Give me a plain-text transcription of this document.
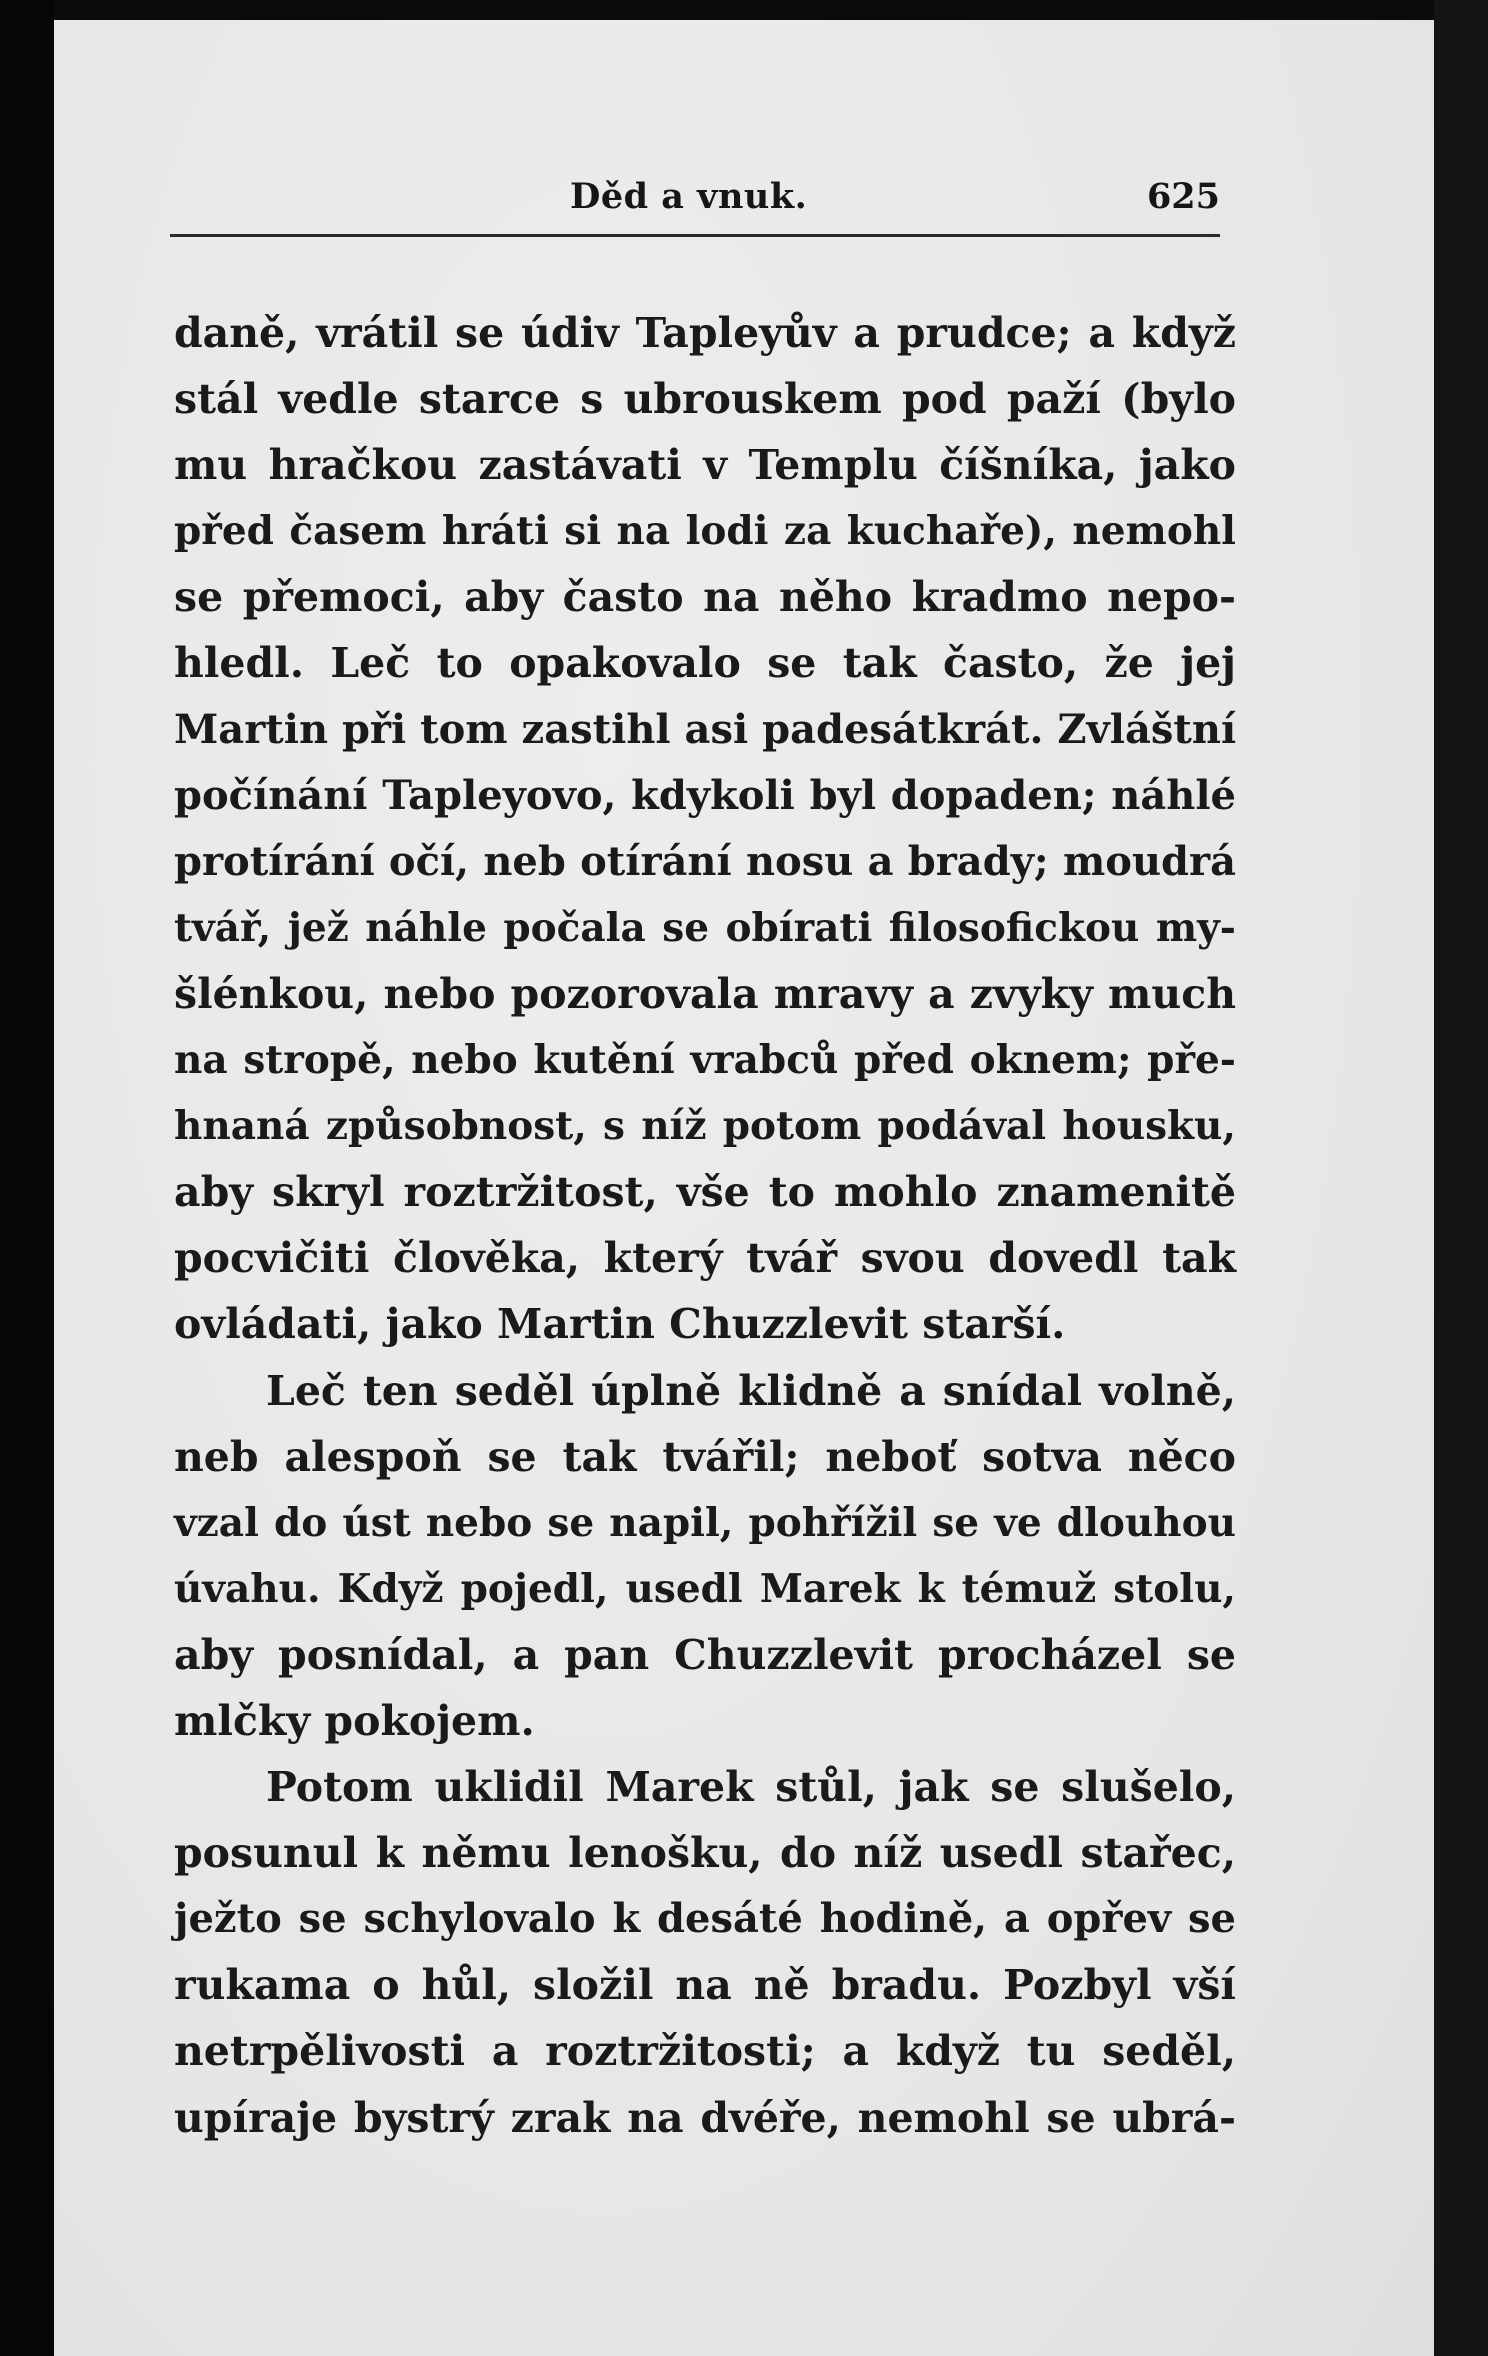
Děd a vnuk.	625
daně, vrátil se údiv Tapleyův a prudce; a když
stál vedle starce s ubrouskem pod paží (bylo
mu hračkou zastávati v Templu číšníka, jako
před časem hráti si na lodi za kuchaře), nemohl
se přemoci, aby často na něho kradmo nepo-
hledl. Leč to opakovalo se tak často, že jej
Martin při tom zastihl asi padesátkrát. Zvláštní
počínání Tapleyovo, kdykoli byl dopaden; náhlé
protírání očí, neb otírání nosu a brady; moudrá
tvář, jež náhle počala se obírati filosofickou my-
šlénkou, nebo pozorovala mravy a zvyky much
na stropě, nebo kutění vrabců před oknem; pře-
hnaná způsobnost, s níž potom podával housku,
aby skryl roztržitost, vše to mohlo znamenitě
pocvičiti člověka, který tvář svou dovedl tak
ovládati, jako Martin Chuzzlevit starší.
Leč ten seděl úplně klidně a snídal volně,
neb alespoň se tak tvářil; neboť sotva něco
vzal do úst nebo se napil, pohřížil se ve dlouhou
úvahu. Když pojedl, usedl Marek k témuž stolu,
aby posnídal, a pan Chuzzlevit procházel se
mlčky pokojem.
Potom uklidil Marek stůl, jak se slušelo,
posunul k němu lenošku, do níž usedl stařec,
ježto se schylovalo k desáté hodině, a opřev se
rukama o hůl, složil na ně bradu. Pozbyl vší
netrpělivosti a roztržitosti; a když tu seděl,
upíraje bystrý zrak na dvéře, nemohl se ubrá-
